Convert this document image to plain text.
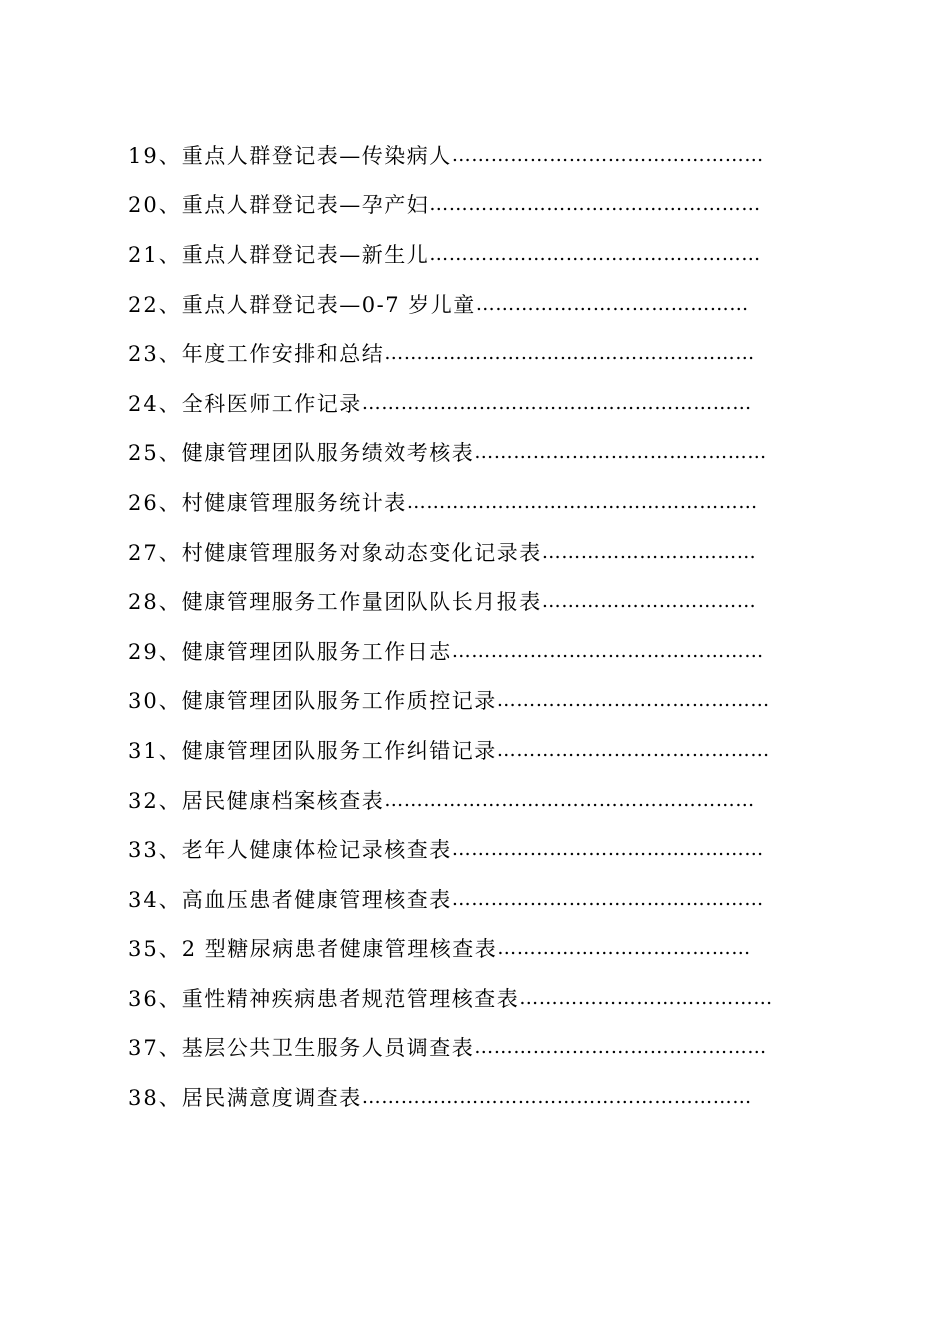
19、 重点人群登记表—传染病人 …………………………………………
20、 重点人群登记表—孕产妇 ……………………………………………
21、 重点人群登记表—新生儿 ……………………………………………
22、 重点人群登记表—0-7 岁儿童 ……………………………………
23、 年度工作安排和总结 …………………………………………………
24、 全科医师工作记录 ……………………………………………………
25、 健康管理团队服务绩效考核表 ………………………………………
26、 村健康管理服务统计表 ………………………………………………
27、 村健康管理服务对象动态变化记录表 ……………………………
28、 健康管理服务工作量团队队长月报表 ……………………………
29、 健康管理团队服务工作日志 …………………………………………
30、 健康管理团队服务工作质控记录 ……………………………………
31、 健康管理团队服务工作纠错记录 ……………………………………
32、 居民健康档案核查表 …………………………………………………
33、 老年人健康体检记录核查表 …………………………………………
34、 高血压患者健康管理核查表 …………………………………………
35、 2 型糖尿病患者健康管理核查表 …………………………………
36、 重性精神疾病患者规范管理核查表 …………………………………
37、 基层公共卫生服务人员调查表 ………………………………………
38、 居民满意度调查表 ……………………………………………………
